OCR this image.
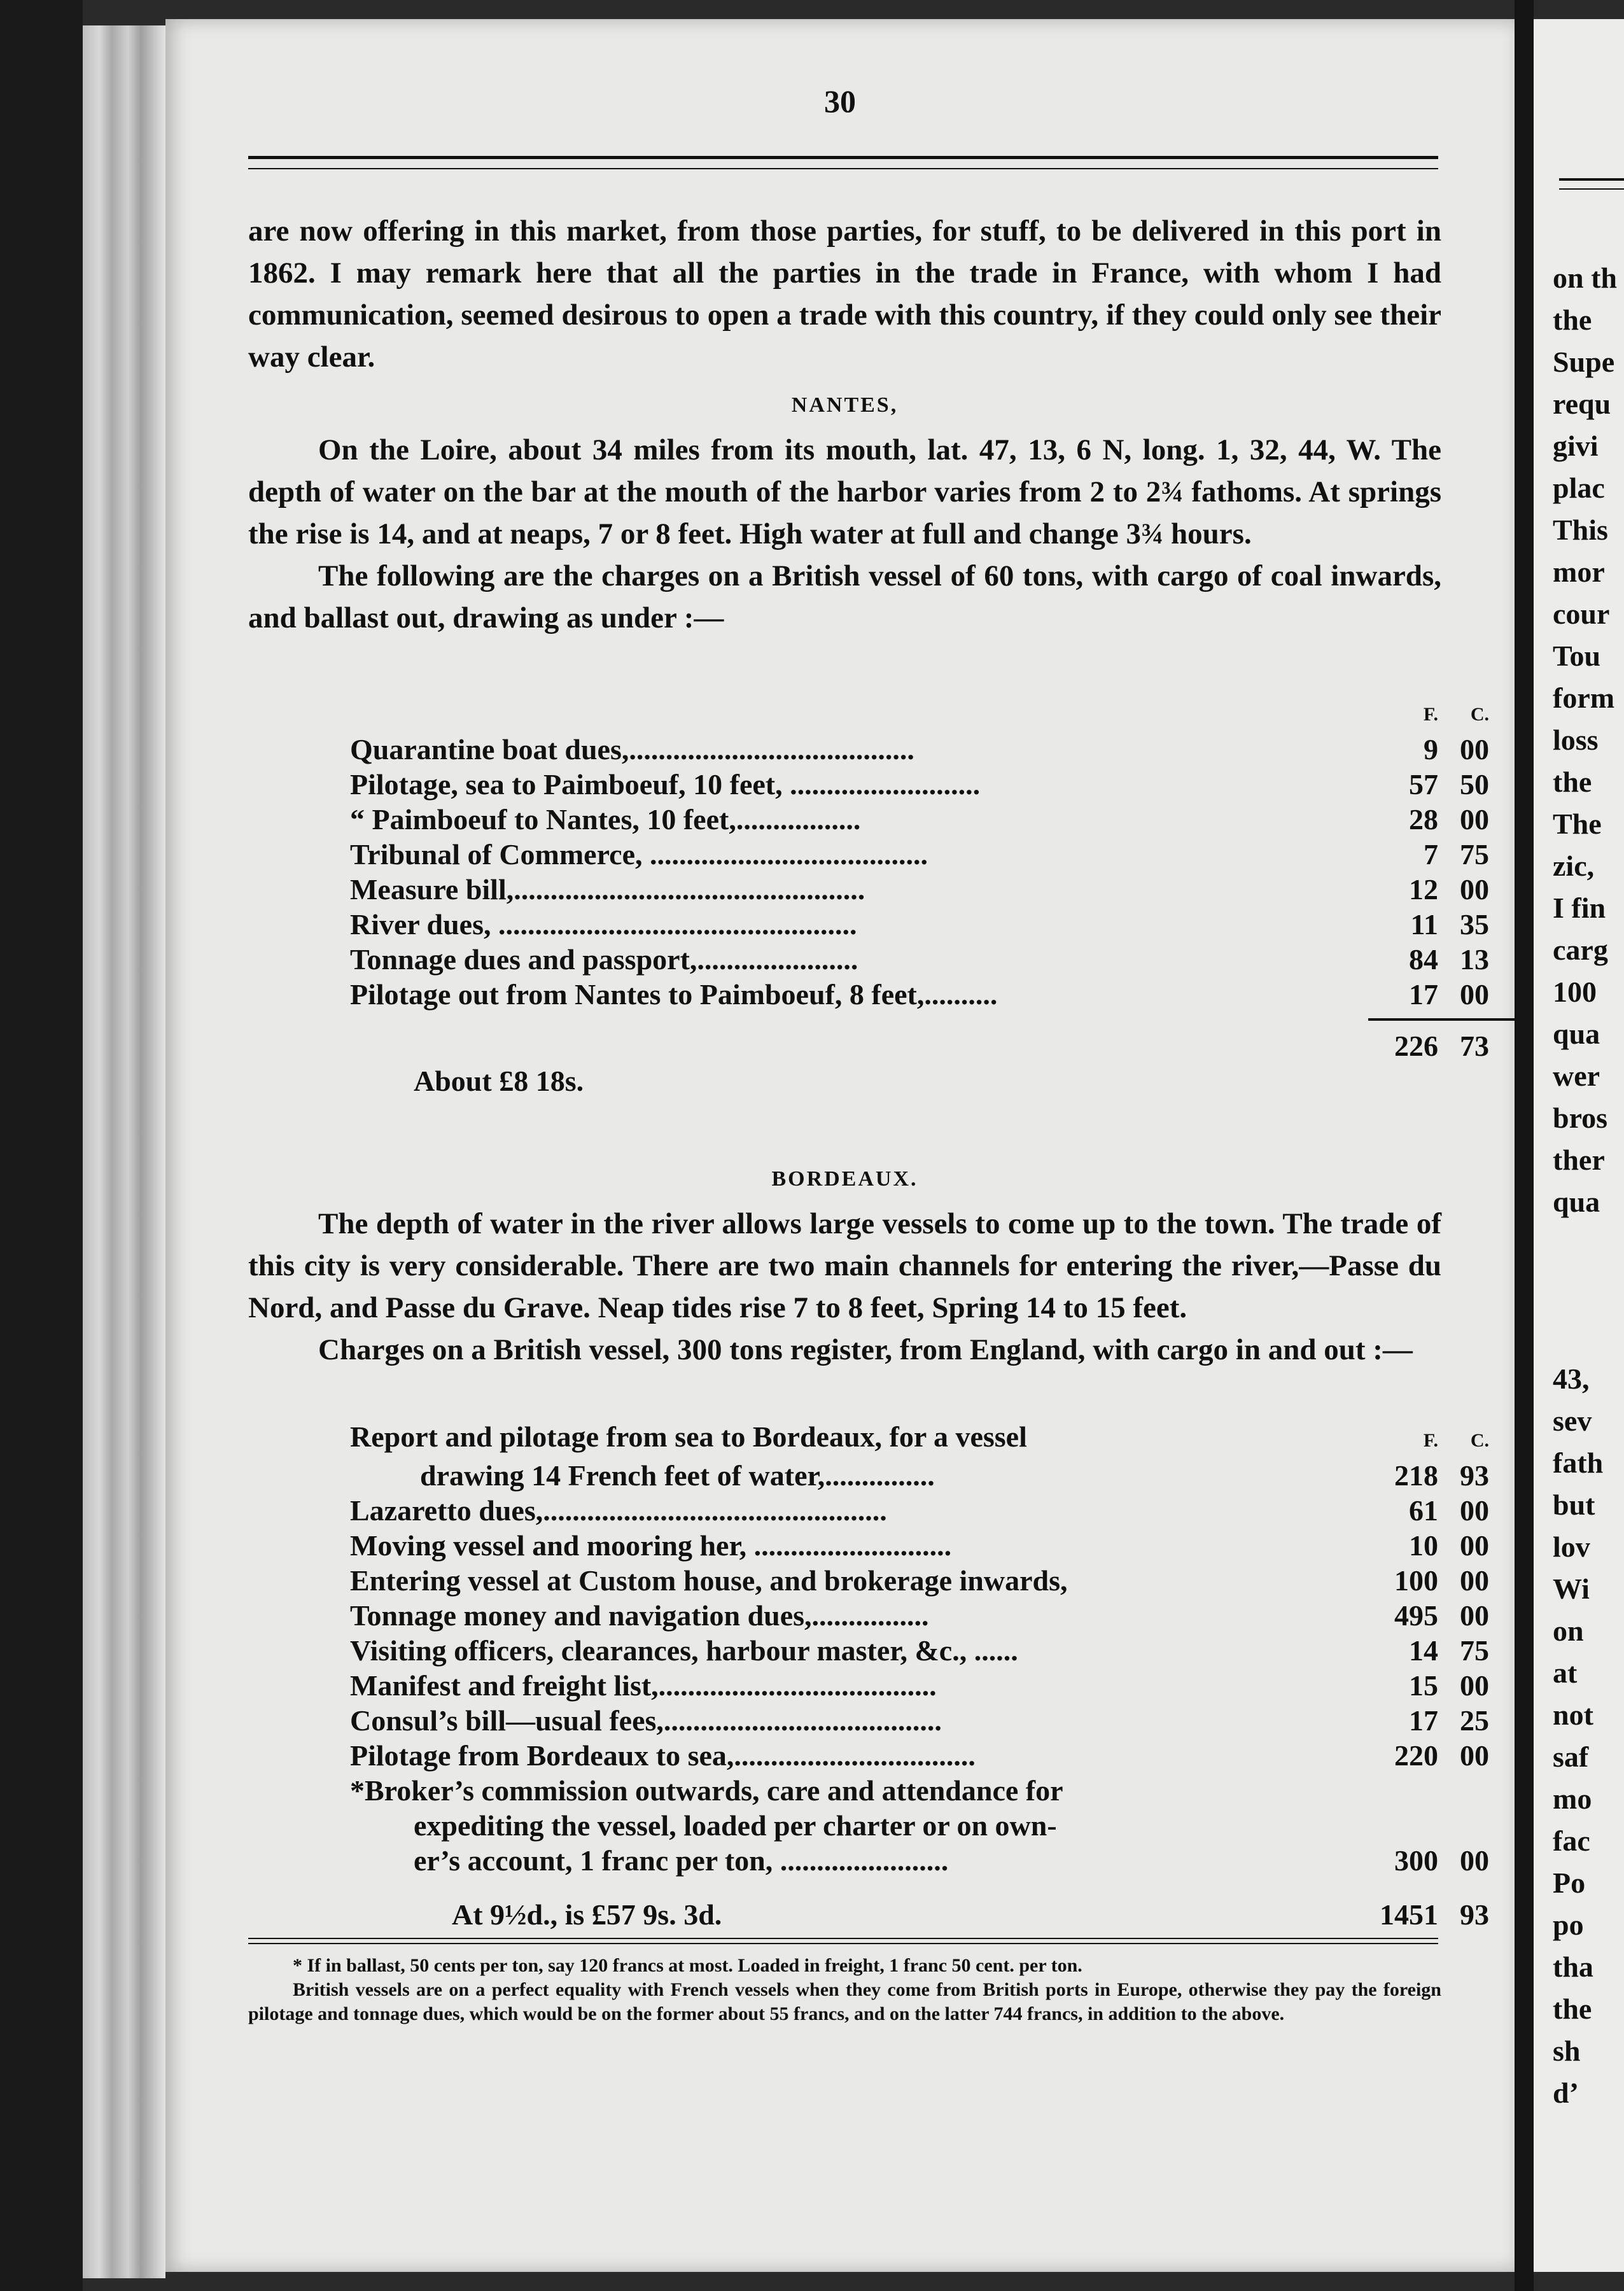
30

are now offering in this market, from those parties, for stuff, to be delivered in this port in 1862. I may remark here that all the parties in the trade in France, with whom I had communication, seemed desirous to open a trade with this country, if they could only see their way clear.

NANTES,

On the Loire, about 34 miles from its mouth, lat. 47, 13, 6 N, long. 1, 32, 44, W. The depth of water on the bar at the mouth of the harbor varies from 2 to 2¾ fathoms. At springs the rise is 14, and at neaps, 7 or 8 feet. High water at full and change 3¾ hours.

The following are the charges on a British vessel of 60 tons, with cargo of coal inwards, and ballast out, drawing as under :—

F.	C.
Quarantine boat dues,.......................................	9 00
Pilotage, sea to Paimboeuf, 10 feet, ..........................	57 50
“ Paimboeuf to Nantes, 10 feet,.................	28 00
Tribunal of Commerce, ......................................	7 75
Measure bill,................................................	12 00
River dues, .................................................	11 35
Tonnage dues and passport,......................	84 13
Pilotage out from Nantes to Paimboeuf, 8 feet,..........	17 00
226 73
About £8 18s.
BORDEAUX.

The depth of water in the river allows large vessels to come up to the town. The trade of this city is very considerable. There are two main channels for entering the river,—Passe du Nord, and Passe du Grave. Neap tides rise 7 to 8 feet, Spring 14 to 15 feet.

Charges on a British vessel, 300 tons register, from England, with cargo in and out :—

Report and pilotage from sea to Bordeaux, for a vessel	F.	C.
drawing 14 French feet of water,...............	218 93
Lazaretto dues,...............................................	61 00
Moving vessel and mooring her, ...........................	10 00
Entering vessel at Custom house, and brokerage inwards,	100 00
Tonnage money and navigation dues,................	495 00
Visiting officers, clearances, harbour master, &c., ......	14 75
Manifest and freight list,......................................	15 00
Consul’s bill—usual fees,......................................	17 25
Pilotage from Bordeaux to sea,.................................	220 00
*Broker’s commission outwards, care and attendance for
expediting the vessel, loaded per charter or on own-
er’s account, 1 franc per ton, .......................	300 00
At 9½d., is £57 9s. 3d.	1451 93

* If in ballast, 50 cents per ton, say 120 francs at most. Loaded in freight, 1 franc 50 cent. per ton.

British vessels are on a perfect equality with French vessels when they come from British ports in Europe, otherwise they pay the foreign pilotage and tonnage dues, which would be on the former about 55 francs, and on the latter 744 francs, in addition to the above.

on th
the
Supe
requ
givi
plac
This
mor
cour
Tou
form
loss
the
The
zic,
I fin
carg
100
qua
wer
bros
ther
qua
43,
sev
fath
but
lov
Wi
on
at
not
saf
mo
fac
Po
po
tha
the
sh
d’
